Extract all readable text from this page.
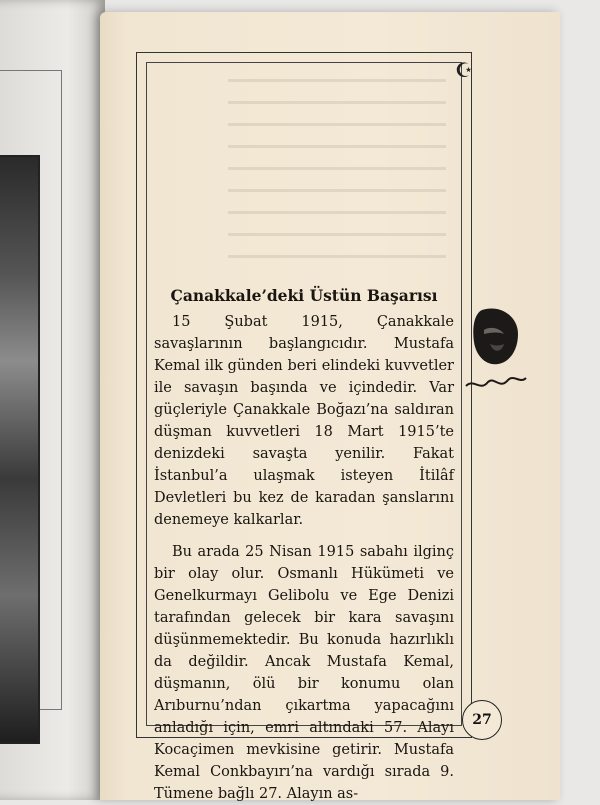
☪

Çanakkale’deki Üstün Başarısı

15 Şubat 1915, Çanakkale savaşlarının başlangıcıdır. Mustafa Kemal ilk günden beri elindeki kuvvetler ile savaşın başında ve içindedir. Var güçleriyle Çanakkale Boğazı’na saldıran düşman kuvvetleri 18 Mart 1915’te denizdeki savaşta yenilir. Fakat İstanbul’a ulaşmak isteyen İtilâf Devletleri bu kez de karadan şanslarını denemeye kalkarlar.

Bu arada 25 Nisan 1915 sabahı ilginç bir olay olur. Osmanlı Hükümeti ve Genelkurmayı Gelibolu ve Ege Denizi tarafından gelecek bir kara savaşını düşünmemektedir. Bu konuda hazırlıklı da değildir. Ancak Mustafa Kemal, düşmanın, ölü bir konumu olan Arıburnu’ndan çıkartma yapacağını anladığı için, emri altındaki 57. Alayı Kocaçimen mevkisine getirir. Mustafa Kemal Conkbayırı’na vardığı sırada 9. Tümene bağlı 27. Alayın as-

27
